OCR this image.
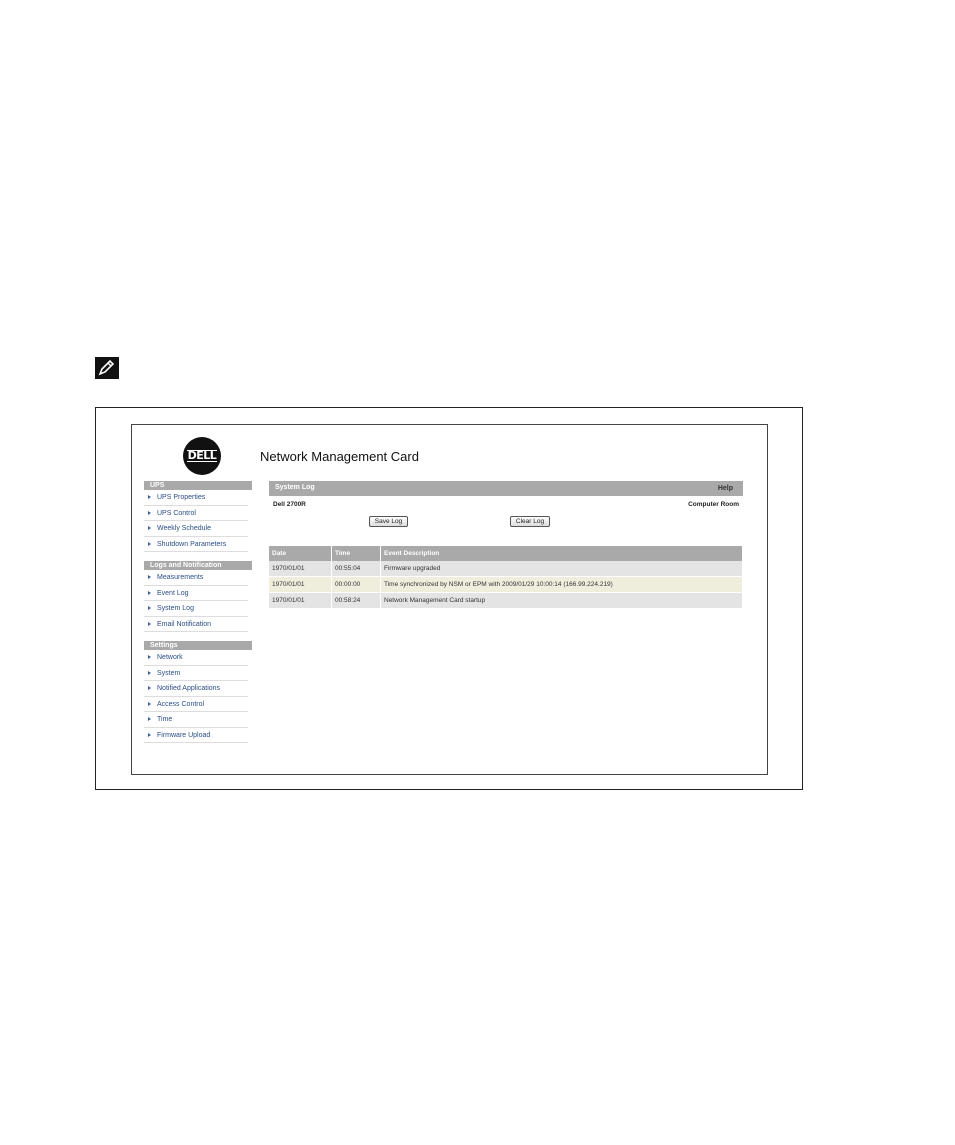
DELL	Network Management Card
UPS
UPS Properties
UPS Control
Weekly Schedule
Shutdown Parameters
Logs and Notification
Measurements
Event Log
System Log
Email Notification
Settings
Network
System
Notified Applications
Access Control
Time
Firmware Upload
System Log	Help
Dell 2700R	Computer Room
Save Log	Clear Log
Date	Time	Event Description
1970/01/01	00:55:04	Firmware upgraded
1970/01/01	00:00:00	Time synchronized by NSM or EPM with 2009/01/29 10:00:14 (166.99.224.219)
1970/01/01	00:58:24	Network Management Card startup
